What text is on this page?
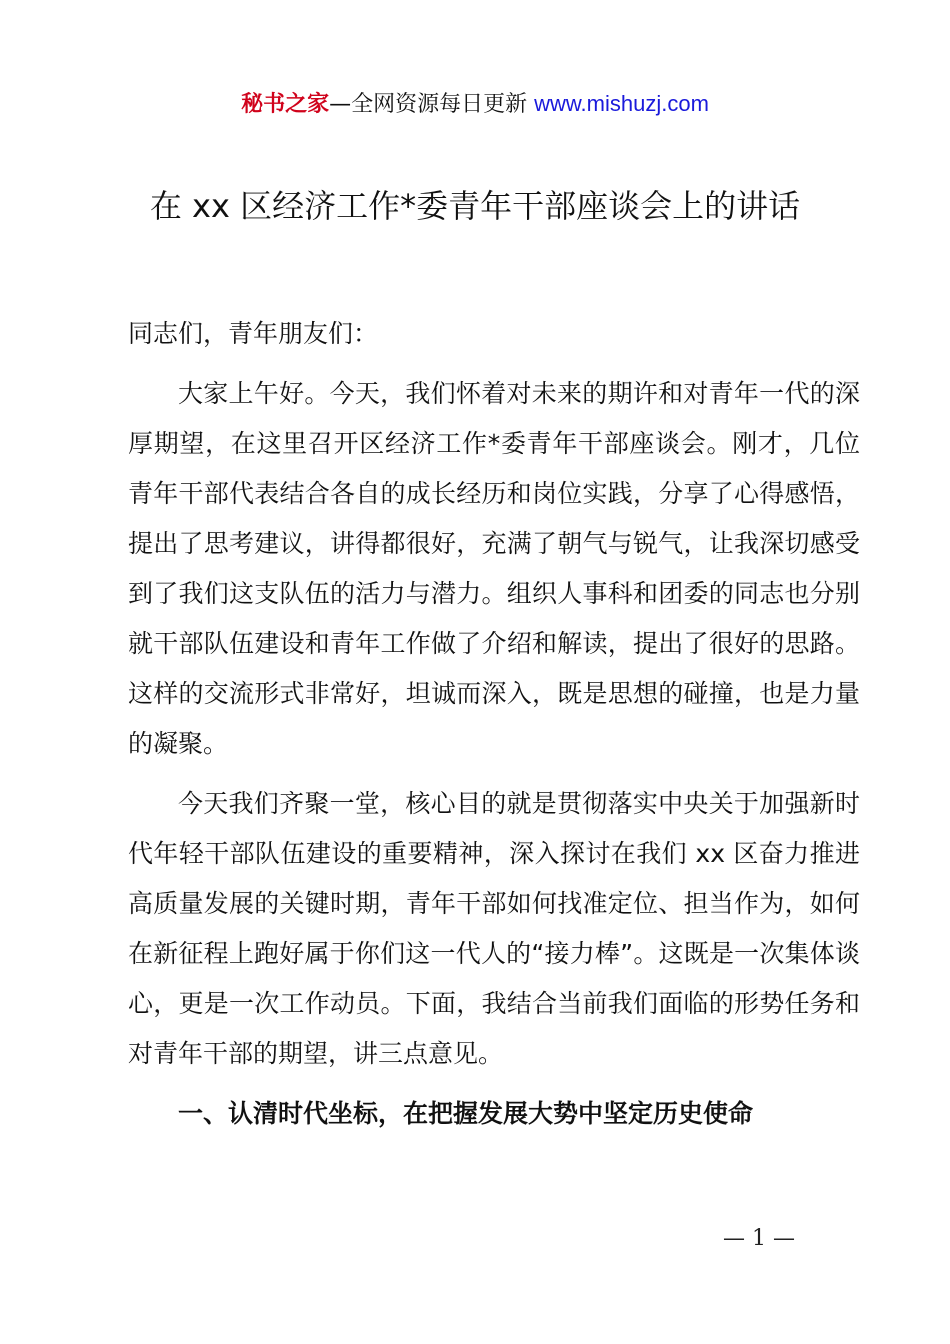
秘书之家—全网资源每日更新 www.mishuzj.com
在 xx 区经济工作*委青年干部座谈会上的讲话

同志们，青年朋友们：

大家上午好。今天，我们怀着对未来的期许和对青年一代的深厚期望，在这里召开区经济工作*委青年干部座谈会。刚才，几位青年干部代表结合各自的成长经历和岗位实践，分享了心得感悟，提出了思考建议，讲得都很好，充满了朝气与锐气，让我深切感受到了我们这支队伍的活力与潜力。组织人事科和团委的同志也分别就干部队伍建设和青年工作做了介绍和解读，提出了很好的思路。这样的交流形式非常好，坦诚而深入，既是思想的碰撞，也是力量的凝聚。

今天我们齐聚一堂，核心目的就是贯彻落实中央关于加强新时代年轻干部队伍建设的重要精神，深入探讨在我们 xx 区奋力推进高质量发展的关键时期，青年干部如何找准定位、担当作为，如何在新征程上跑好属于你们这一代人的“接力棒”。这既是一次集体谈心，更是一次工作动员。下面，我结合当前我们面临的形势任务和对青年干部的期望，讲三点意见。

一、认清时代坐标，在把握发展大势中坚定历史使命

— 1 —
